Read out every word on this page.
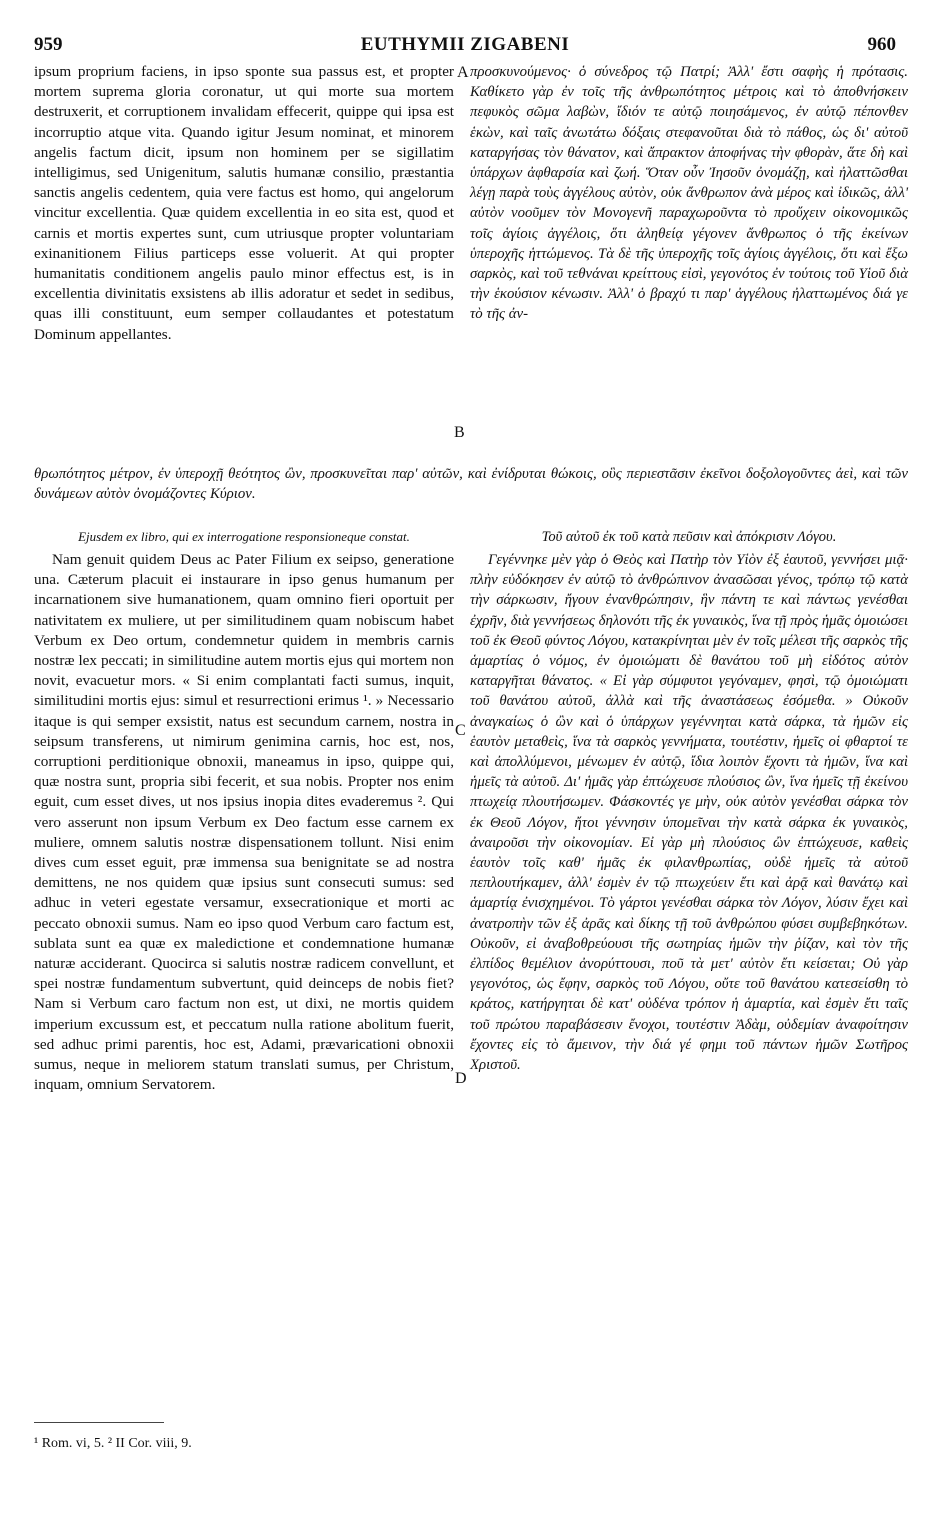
959	EUTHYMII ZIGABENI	960

ipsum proprium faciens, in ipso sponte sua passus est, et propter mortem suprema gloria coronatur, ut qui morte sua mortem destruxerit, et corruptionem invalidam effecerit, quippe qui ipsa est incorruptio atque vita. Quando igitur Jesum nominat, et minorem angelis factum dicit, ipsum non hominem per se sigillatim intelligimus, sed Unigenitum, salutis humanæ consilio, præstantia sanctis angelis cedentem, quia vere factus est homo, qui angelorum vincitur excellentia. Quæ quidem excellentia in eo sita est, quod et carnis et mortis expertes sunt, cum utriusque propter voluntariam exinanitionem Filius particeps esse voluerit. At qui propter humanitatis conditionem angelis paulo minor effectus est, is in excellentia divinitatis exsistens ab illis adoratur et sedet in sedibus, quas illi constituunt, eum semper collaudantes et potestatum Dominum appellantes.

προσκυνούμενος· ὁ σύνεδρος τῷ Πατρί; Ἀλλ' ἔστι σαφὴς ἡ πρότασις. Καθίκετο γὰρ ἐν τοῖς τῆς ἀνθρωπότητος μέτροις καὶ τὸ ἀποθνήσκειν πεφυκὸς σῶμα λαβὼν, ἴδιόν τε αὐτῷ ποιησάμενος, ἐν αὐτῷ πέπονθεν ἑκὼν, καὶ ταῖς ἀνωτάτω δόξαις στεφανοῦται διὰ τὸ πάθος, ὡς δι' αὐτοῦ καταργήσας τὸν θάνατον, καὶ ἄπρακτον ἀποφήνας τὴν φθορὰν, ἅτε δὴ καὶ ὑπάρχων ἀφθαρσία καὶ ζωή. Ὅταν οὖν Ἰησοῦν ὀνομάζῃ, καὶ ἠλαττῶσθαι λέγῃ παρὰ τοὺς ἀγγέλους αὐτὸν, οὐκ ἄνθρωπον ἀνὰ μέρος καὶ ἰδικῶς, ἀλλ' αὐτὸν νοοῦμεν τὸν Μονογενῆ παραχωροῦντα τὸ προὔχειν οἰκονομικῶς τοῖς ἁγίοις ἀγγέλοις, ὅτι ἀληθείᾳ γέγονεν ἄνθρωπος ὁ τῆς ἐκείνων ὑπεροχῆς ἡττώμενος. Τὰ δὲ τῆς ὑπεροχῆς τοῖς ἁγίοις ἀγγέλοις, ὅτι καὶ ἔξω σαρκὸς, καὶ τοῦ τεθνάναι κρείττους εἰσὶ, γεγονότος ἐν τούτοις τοῦ Υἱοῦ διὰ τὴν ἑκούσιον κένωσιν. Ἀλλ' ὁ βραχύ τι παρ' ἀγγέλους ἠλαττωμένος διά γε τὸ τῆς ἀν-

θρωπότητος μέτρον, ἐν ὑπεροχῇ θεότητος ὢν, προσκυνεῖται παρ' αὐτῶν, καὶ ἐνίδρυται θώκοις, οὓς περιεστᾶσιν ἐκεῖνοι δοξολογοῦντες ἀεὶ, καὶ τῶν δυνάμεων αὐτὸν ὀνομάζοντες Κύριον.
Ejusdem ex libro, qui ex interrogatione responsioneque constat.

Nam genuit quidem Deus ac Pater Filium ex seipso, generatione una. Cæterum placuit ei instaurare in ipso genus humanum per incarnationem sive humanationem, quam omnino fieri oportuit per nativitatem ex muliere, ut per similitudinem quam nobiscum habet Verbum ex Deo ortum, condemnetur quidem in membris carnis nostræ lex peccati; in similitudine autem mortis ejus qui mortem non novit, evacuetur mors. « Si enim complantati facti sumus, inquit, similitudini mortis ejus: simul et resurrectioni erimus ¹. » Necessario itaque is qui semper exsistit, natus est secundum carnem, nostra in seipsum transferens, ut nimirum genimina carnis, hoc est, nos, corruptioni perditionique obnoxii, maneamus in ipso, quippe qui, quæ nostra sunt, propria sibi fecerit, et sua nobis. Propter nos enim eguit, cum esset dives, ut nos ipsius inopia dites evaderemus ². Qui vero asserunt non ipsum Verbum ex Deo factum esse carnem ex muliere, omnem salutis nostræ dispensationem tollunt. Nisi enim dives cum esset eguit, præ immensa sua benignitate se ad nostra demittens, ne nos quidem quæ ipsius sunt consecuti sumus: sed adhuc in veteri egestate versamur, exsecrationique et morti ac peccato obnoxii sumus. Nam eo ipso quod Verbum caro factum est, sublata sunt ea quæ ex maledictione et condemnatione humanæ naturæ acciderant. Quocirca si salutis nostræ radicem convellunt, et spei nostræ fundamentum subvertunt, quid deinceps de nobis fiet? Nam si Verbum caro factum non est, ut dixi, ne mortis quidem imperium excussum est, et peccatum nulla ratione abolitum fuerit, sed adhuc primi parentis, hoc est, Adami, prævaricationi obnoxii sumus, neque in meliorem statum translati sumus, per Christum, inquam, omnium Servatorem.

Τοῦ αὐτοῦ ἐκ τοῦ κατὰ πεῦσιν καὶ ἀπόκρισιν Λόγου.

Γεγέννηκε μὲν γὰρ ὁ Θεὸς καὶ Πατὴρ τὸν Υἱὸν ἐξ ἑαυτοῦ, γεννήσει μιᾷ· πλὴν εὐδόκησεν ἐν αὐτῷ τὸ ἀνθρώπινον ἀνασῶσαι γένος, τρόπῳ τῷ κατὰ τὴν σάρκωσιν, ἤγουν ἐνανθρώπησιν, ἣν πάντη τε καὶ πάντως γενέσθαι ἐχρῆν, διὰ γεννήσεως δηλονότι τῆς ἐκ γυναικὸς, ἵνα τῇ πρὸς ἡμᾶς ὁμοιώσει τοῦ ἐκ Θεοῦ φύντος Λόγου, κατακρίνηται μὲν ἐν τοῖς μέλεσι τῆς σαρκὸς τῆς ἁμαρτίας ὁ νόμος, ἐν ὁμοιώματι δὲ θανάτου τοῦ μὴ εἰδότος αὐτὸν καταργῆται θάνατος. « Εἰ γὰρ σύμφυτοι γεγόναμεν, φησὶ, τῷ ὁμοιώματι τοῦ θανάτου αὐτοῦ, ἀλλὰ καὶ τῆς ἀναστάσεως ἐσόμεθα. » Οὐκοῦν ἀναγκαίως ὁ ὢν καὶ ὁ ὑπάρχων γεγέννηται κατὰ σάρκα, τὰ ἡμῶν εἰς ἑαυτὸν μεταθεὶς, ἵνα τὰ σαρκὸς γεννήματα, τουτέστιν, ἡμεῖς οἱ φθαρτοί τε καὶ ἀπολλύμενοι, μένωμεν ἐν αὐτῷ, ἴδια λοιπὸν ἔχοντι τὰ ἡμῶν, ἵνα καὶ ἡμεῖς τὰ αὐτοῦ. Δι' ἡμᾶς γὰρ ἐπτώχευσε πλούσιος ὢν, ἵνα ἡμεῖς τῇ ἐκείνου πτωχείᾳ πλουτήσωμεν. Φάσκοντές γε μὴν, οὐκ αὐτὸν γενέσθαι σάρκα τὸν ἐκ Θεοῦ Λόγον, ἤτοι γέννησιν ὑπομεῖναι τὴν κατὰ σάρκα ἐκ γυναικὸς, ἀναιροῦσι τὴν οἰκονομίαν. Εἰ γὰρ μὴ πλούσιος ὢν ἐπτώχευσε, καθεὶς ἑαυτὸν τοῖς καθ' ἡμᾶς ἐκ φιλανθρωπίας, οὐδὲ ἡμεῖς τὰ αὐτοῦ πεπλουτήκαμεν, ἀλλ' ἐσμὲν ἐν τῷ πτωχεύειν ἔτι καὶ ἀρᾷ καὶ θανάτῳ καὶ ἁμαρτίᾳ ἐνισχημένοι. Τὸ γάρτοι γενέσθαι σάρκα τὸν Λόγον, λύσιν ἔχει καὶ ἀνατροπὴν τῶν ἐξ ἀρᾶς καὶ δίκης τῇ τοῦ ἀνθρώπου φύσει συμβεβηκότων. Οὐκοῦν, εἰ ἀναβοθρεύουσι τῆς σωτηρίας ἡμῶν τὴν ῥίζαν, καὶ τὸν τῆς ἐλπίδος θεμέλιον ἀνορύττουσι, ποῦ τὰ μετ' αὐτὸν ἔτι κείσεται; Οὐ γὰρ γεγονότος, ὡς ἔφην, σαρκὸς τοῦ Λόγου, οὔτε τοῦ θανάτου κατεσείσθη τὸ κράτος, κατήργηται δὲ κατ' οὐδένα τρόπον ἡ ἁμαρτία, καὶ ἐσμὲν ἔτι ταῖς τοῦ πρώτου παραβάσεσιν ἔνοχοι, τουτέστιν Ἀδὰμ, οὐδεμίαν ἀναφοίτησιν ἔχοντες εἰς τὸ ἄμεινον, τὴν διά γέ φημι τοῦ πάντων ἡμῶν Σωτῆρος Χριστοῦ.

A
B
C
D
¹ Rom. vi, 5. ² II Cor. viii, 9.
